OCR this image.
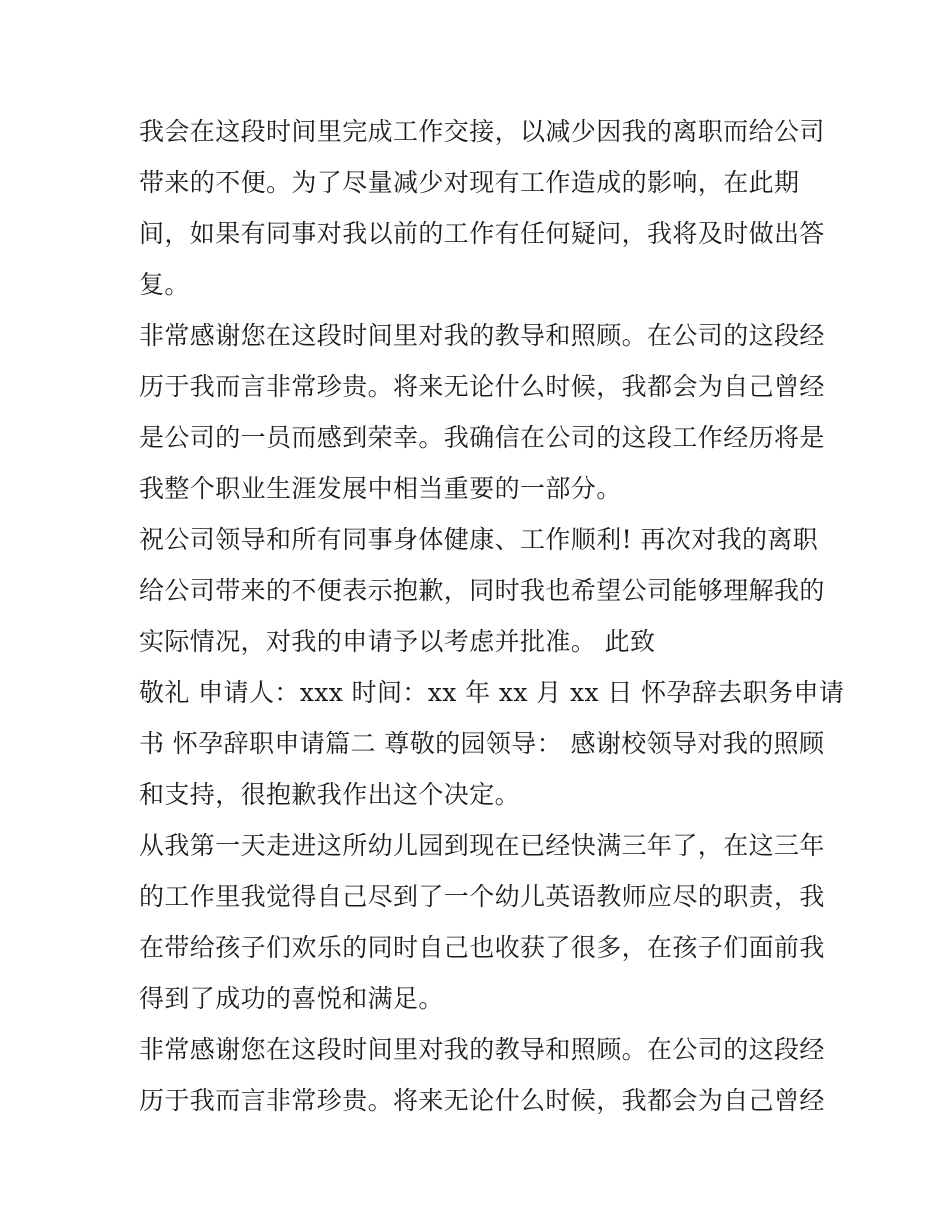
我会在这段时间里完成工作交接，以减少因我的离职而给公司
带来的不便。为了尽量减少对现有工作造成的影响，在此期
间，如果有同事对我以前的工作有任何疑问，我将及时做出答
复。
非常感谢您在这段时间里对我的教导和照顾。在公司的这段经
历于我而言非常珍贵。将来无论什么时候，我都会为自己曾经
是公司的一员而感到荣幸。我确信在公司的这段工作经历将是
我整个职业生涯发展中相当重要的一部分。
祝公司领导和所有同事身体健康、工作顺利! 再次对我的离职
给公司带来的不便表示抱歉，同时我也希望公司能够理解我的
实际情况，对我的申请予以考虑并批准。 此致
敬礼 申请人：xxx 时间：xx 年 xx 月 xx 日 怀孕辞去职务申请
书 怀孕辞职申请篇二 尊敬的园领导： 感谢校领导对我的照顾
和支持，很抱歉我作出这个决定。
从我第一天走进这所幼儿园到现在已经快满三年了，在这三年
的工作里我觉得自己尽到了一个幼儿英语教师应尽的职责，我
在带给孩子们欢乐的同时自己也收获了很多，在孩子们面前我
得到了成功的喜悦和满足。
非常感谢您在这段时间里对我的教导和照顾。在公司的这段经
历于我而言非常珍贵。将来无论什么时候，我都会为自己曾经
